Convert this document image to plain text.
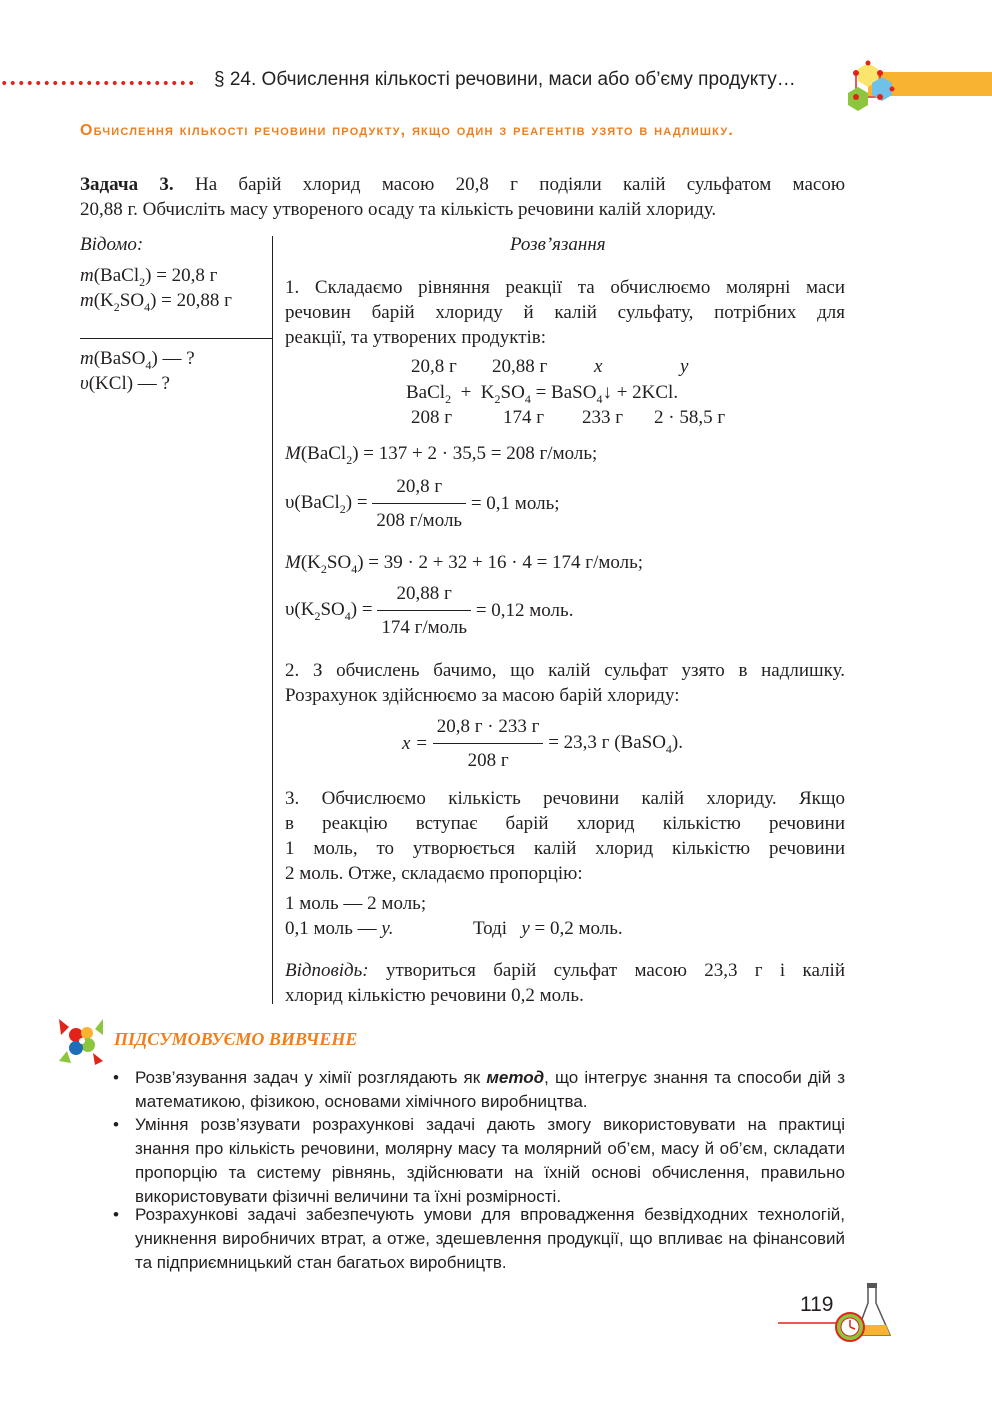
§ 24. Обчислення кількості речовини, маси або об’єму продукту…
Обчислення кількості речовини продукту, якщо один з реагентів узято в надлишку.
Задача 3. На барій хлорид масою 20,8 г подіяли калій сульфатом масою
20,88 г. Обчисліть масу утвореного осаду та кількість речовини калій хлориду.
Відомо:
m(BaCl$_2$) = 20,8 г
$m(K_2SO_4) = 20,88$ г
m(BaSO$_4$) — ?
υ(KCl) — ?
Розв’язання
1. Складаємо рівняння реакції та обчислюємо молярні маси
речовин барій хлориду й калій сульфату, потрібних для
реакції, та утворених продуктів:
20,8 г 20,88 г x	y
BaCl$_2$ + $K_2SO_4$ = BaSO$_4$↓ + 2KCl.
208 г	174 г 233 г 2 · 58,5 г
M(BaCl$_2$) = 137 + 2 · 35,5 = 208 г/моль;
υ(BaCl$_2$) = $\frac{20,8 г}{\text{208 г/моль}} = 0,1$ моль;
$M(K_2SO_4) = 39 \cdot 2 + 32 + 16 \cdot 4 = 174$ г/моль;
$\upsilon(K_2SO_4) = \frac{20,88 г}{\text{174 г/моль}} = 0,12$ моль.
2. З обчислень бачимо, що калій сульфат узято в надлишку.
Розрахунок здійснюємо за масою барій хлориду:
$x = \frac{20,8 г \cdot 233 г}{208 г} = 23,3$ г (BaSO$_4$).
3. Обчислюємо кількість речовини калій хлориду. Якщо
в реакцію вступає барій хлорид кількістю речовини
1 моль, то утворюється калій хлорид кількістю речовини
2 моль. Отже, складаємо пропорцію:
1 моль — 2 моль;
0,1 моль — y.	Тоді y = 0,2 моль.
Відповідь: утвориться барій сульфат масою 23,3 г і калій
хлорид кількістю речовини 0,2 моль.
ПІДСУМОВУЄМО ВИВЧЕНЕ
• Розв’язування задач у хімії розглядають як метод, що інтегрує знання та способи дій з математикою, фізикою, основами хімічного виробництва.
• Уміння розв’язувати розрахункові задачі дають змогу використовувати на практиці знання про кількість речовини, молярну масу та молярний об’єм, масу й об’єм, складати пропорцію та систему рівнянь, здійснювати на їхній основі обчислення, правильно використовувати фізичні величини та їхні розмірності.
• Розрахункові задачі забезпечують умови для впровадження безвідходних технологій, уникнення виробничих втрат, а отже, здешевлення продукції, що впливає на фінансовий та підприємницький стан багатьох виробництв.
119
